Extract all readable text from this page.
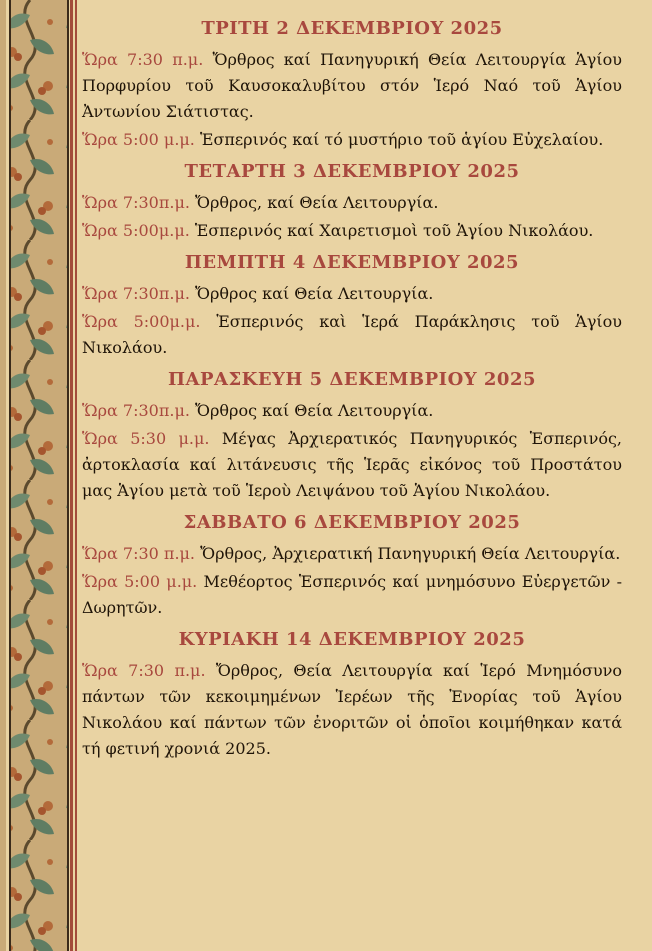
ΤΡΙΤΗ 2 ΔΕΚΕΜΒΡΙΟΥ 2025

Ὥρα 7:30 π.μ. Ὄρθρος καί Πανηγυρική Θεία Λειτουργία Ἁγίου Πορφυρίου τοῦ Καυσοκαλυβίτου στόν Ἱερό Ναό τοῦ Ἁγίου Ἀντωνίου Σιάτιστας.

Ὥρα 5:00 μ.μ. Ἑσπερινός καί τό μυστήριο τοῦ ἁγίου Εὐχελαίου.

ΤΕΤΑΡΤΗ 3 ΔΕΚΕΜΒΡΙΟΥ 2025

Ὥρα 7:30π.μ. Ὄρθρος, καί Θεία Λειτουργία.

Ὥρα 5:00μ.μ. Ἑσπερινός καί Χαιρετισμοὶ τοῦ Ἁγίου Νικολάου.

ΠΕΜΠΤΗ 4 ΔΕΚΕΜΒΡΙΟΥ 2025

Ὥρα 7:30π.μ. Ὄρθρος καί Θεία Λειτουργία.

Ὥρα 5:00μ.μ. Ἑσπερινός καὶ Ἱερά Παράκλησις τοῦ Ἁγίου Νικολάου.

ΠΑΡΑΣΚΕΥΗ 5 ΔΕΚΕΜΒΡΙΟΥ 2025

Ὥρα 7:30π.μ. Ὄρθρος καί Θεία Λειτουργία.

Ὥρα 5:30 μ.μ. Μέγας Ἀρχιερατικός Πανηγυρικός Ἑσπερινός, ἀρτοκλασία καί λιτάνευσις τῆς Ἱερᾶς εἰκόνος τοῦ Προστάτου μας Ἁγίου μετὰ τοῦ Ἱεροὺ Λειψάνου τοῦ Ἁγίου Νικολάου.

ΣΑΒΒΑΤΟ 6 ΔΕΚΕΜΒΡΙΟΥ 2025

Ὥρα 7:30 π.μ. Ὄρθρος, Ἀρχιερατική Πανηγυρική Θεία Λειτουργία.

Ὥρα 5:00 μ.μ. Μεθέορτος Ἑσπερινός καί μνημόσυνο Εὐεργετῶν - Δωρητῶν.

ΚΥΡΙΑΚΗ 14 ΔΕΚΕΜΒΡΙΟΥ 2025

Ὥρα 7:30 π.μ. Ὄρθρος, Θεία Λειτουργία καί Ἱερό Μνημόσυνο πάντων τῶν κεκοιμημένων Ἱερέων τῆς Ἐνορίας τοῦ Ἁγίου Νικολάου καί πάντων τῶν ἐνοριτῶν οἱ ὁποῖοι κοιμήθηκαν κατά τή φετινή χρονιά 2025.
